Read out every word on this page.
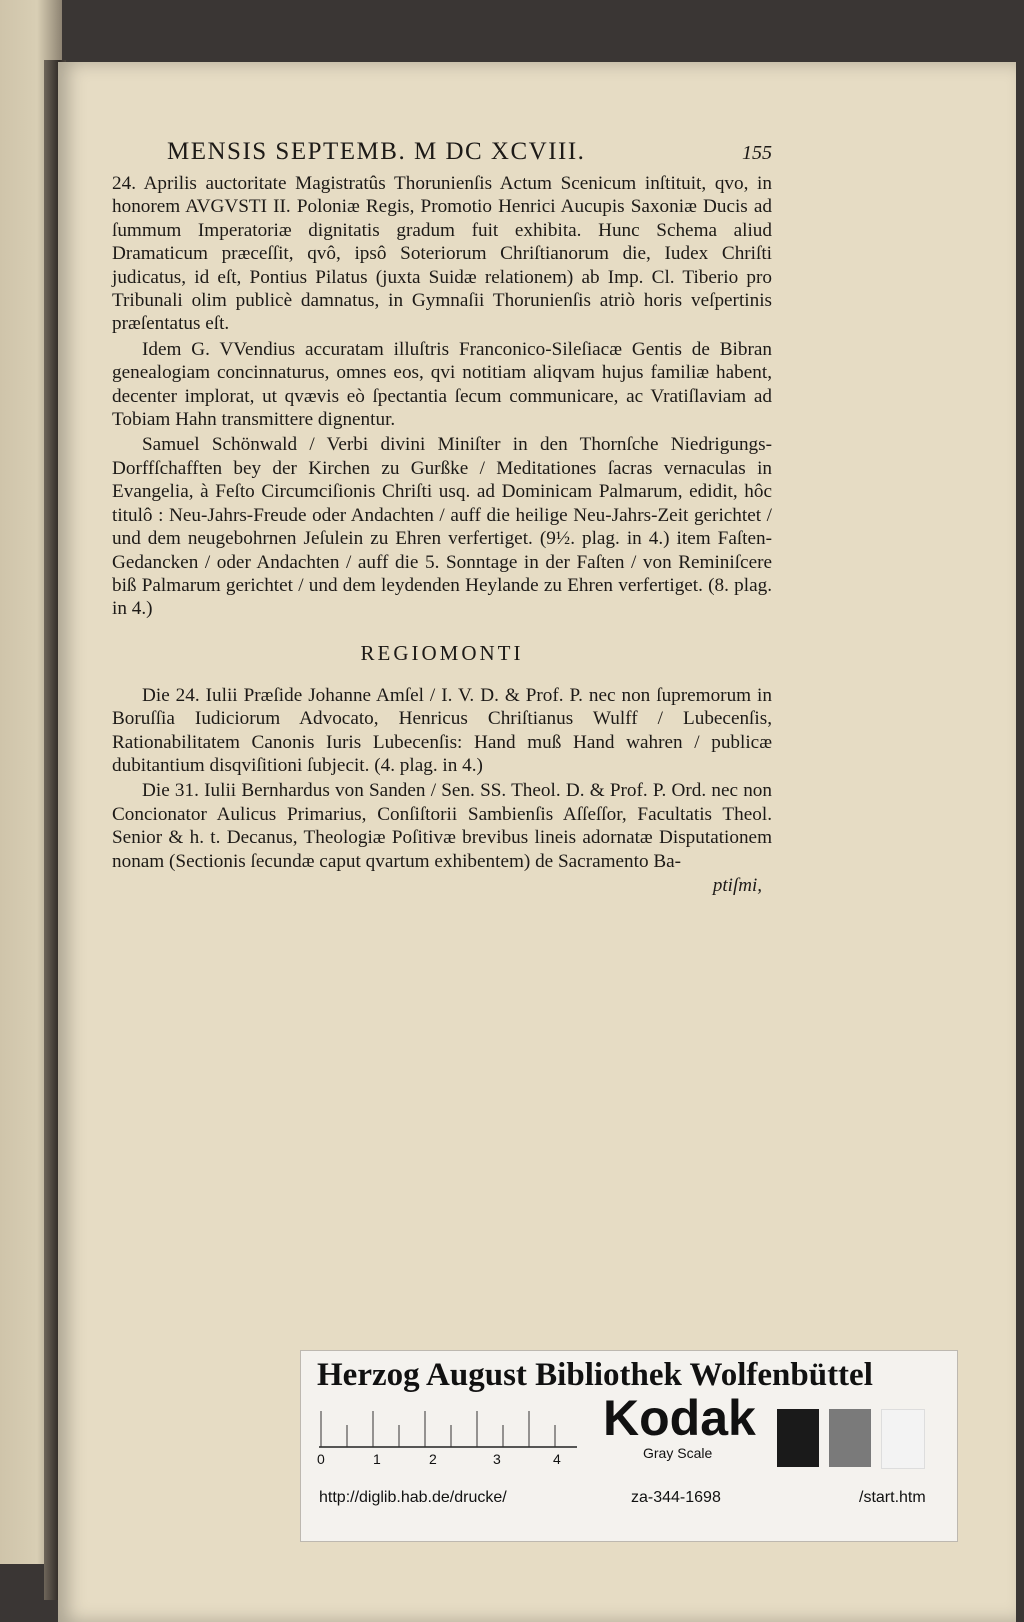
MENSIS SEPTEMB. M DC XCVIII.	155

24. Aprilis auctoritate Magistratûs Thorunienſis Actum Scenicum inſtituit, qvo, in honorem AVGVSTI II. Poloniæ Regis, Promotio Henrici Aucupis Saxoniæ Ducis ad ſummum Imperatoriæ dignitatis gradum fuit exhibita. Hunc Schema aliud Dramaticum præceſſit, qvô, ipsô Soteriorum Chriſtianorum die, Iudex Chriſti judicatus, id eſt, Pontius Pilatus (juxta Suidæ relationem) ab Imp. Cl. Tiberio pro Tribunali olim publicè damnatus, in Gymnaſii Thorunienſis atriò horis veſpertinis præſentatus eſt.

Idem G. VVendius accuratam illuſtris Franconico-Sileſiacæ Gentis de Bibran genealogiam concinnaturus, omnes eos, qvi notitiam aliqvam hujus familiæ habent, decenter implorat, ut qvævis eò ſpectantia ſecum communicare, ac Vratiſlaviam ad Tobiam Hahn transmittere dignentur.

Samuel Schönwald / Verbi divini Miniſter in den Thornſche Niedrigungs-Dorffſchafften bey der Kirchen zu Gurßke / Meditationes ſacras vernaculas in Evangelia, à Feſto Circumciſionis Chriſti usq. ad Dominicam Palmarum, edidit, hôc titulô : Neu-Jahrs-Freude oder Andachten / auff die heilige Neu-Jahrs-Zeit gerichtet / und dem neugebohrnen Jeſulein zu Ehren verfertiget. (9½. plag. in 4.) item Faſten-Gedancken / oder Andachten / auff die 5. Sonntage in der Faſten / von Reminiſcere biß Palmarum gerichtet / und dem leydenden Heylande zu Ehren verfertiget. (8. plag. in 4.)

REGIOMONTI

Die 24. Iulii Præſide Johanne Amſel / I. V. D. & Prof. P. nec non ſupremorum in Boruſſia Iudiciorum Advocato, Henricus Chriſtianus Wulff / Lubecenſis, Rationabilitatem Canonis Iuris Lubecenſis: Hand muß Hand wahren / publicæ dubitantium disqviſitioni ſubjecit. (4. plag. in 4.)

Die 31. Iulii Bernhardus von Sanden / Sen. SS. Theol. D. & Prof. P. Ord. nec non Concionator Aulicus Primarius, Conſiſtorii Sambienſis Aſſeſſor, Facultatis Theol. Senior & h. t. Decanus, Theologiæ Poſitivæ brevibus lineis adornatæ Disputationem nonam (Sectionis ſecundæ caput qvartum exhibentem) de Sacramento Ba-

ptiſmi,
Herzog August Bibliothek Wolfenbüttel
0	1	2	3	4
Kodak
Gray Scale
http://diglib.hab.de/drucke/	za-344-1698	/start.htm
